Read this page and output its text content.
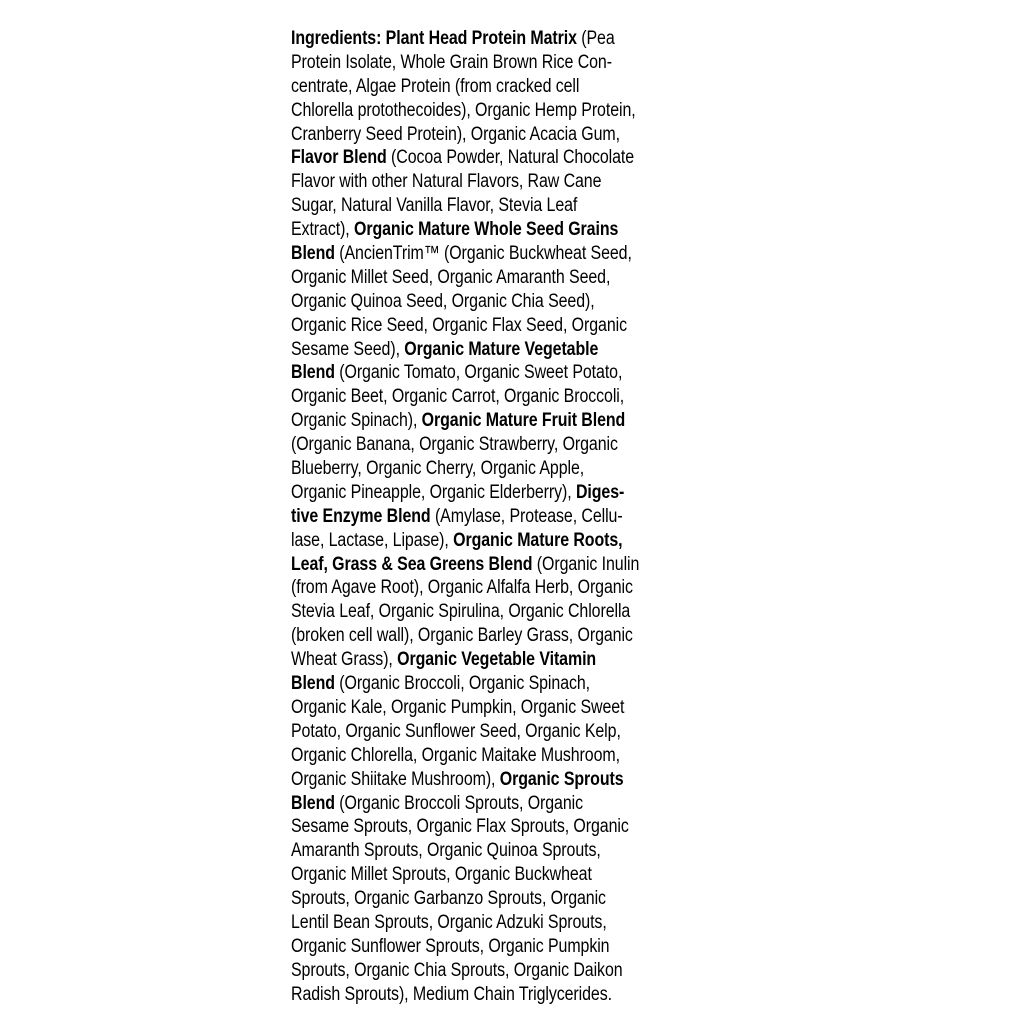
Ingredients: Plant Head Protein Matrix (Pea
Protein Isolate, Whole Grain Brown Rice Con-
centrate, Algae Protein (from cracked cell
Chlorella protothecoides), Organic Hemp Protein,
Cranberry Seed Protein), Organic Acacia Gum,
Flavor Blend (Cocoa Powder, Natural Chocolate
Flavor with other Natural Flavors, Raw Cane
Sugar, Natural Vanilla Flavor, Stevia Leaf
Extract), Organic Mature Whole Seed Grains
Blend (AncienTrim™ (Organic Buckwheat Seed,
Organic Millet Seed, Organic Amaranth Seed,
Organic Quinoa Seed, Organic Chia Seed),
Organic Rice Seed, Organic Flax Seed, Organic
Sesame Seed), Organic Mature Vegetable
Blend (Organic Tomato, Organic Sweet Potato,
Organic Beet, Organic Carrot, Organic Broccoli,
Organic Spinach), Organic Mature Fruit Blend
(Organic Banana, Organic Strawberry, Organic
Blueberry, Organic Cherry, Organic Apple,
Organic Pineapple, Organic Elderberry), Diges-
tive Enzyme Blend (Amylase, Protease, Cellu-
lase, Lactase, Lipase), Organic Mature Roots,
Leaf, Grass & Sea Greens Blend (Organic Inulin
(from Agave Root), Organic Alfalfa Herb, Organic
Stevia Leaf, Organic Spirulina, Organic Chlorella
(broken cell wall), Organic Barley Grass, Organic
Wheat Grass), Organic Vegetable Vitamin
Blend (Organic Broccoli, Organic Spinach,
Organic Kale, Organic Pumpkin, Organic Sweet
Potato, Organic Sunflower Seed, Organic Kelp,
Organic Chlorella, Organic Maitake Mushroom,
Organic Shiitake Mushroom), Organic Sprouts
Blend (Organic Broccoli Sprouts, Organic
Sesame Sprouts, Organic Flax Sprouts, Organic
Amaranth Sprouts, Organic Quinoa Sprouts,
Organic Millet Sprouts, Organic Buckwheat
Sprouts, Organic Garbanzo Sprouts, Organic
Lentil Bean Sprouts, Organic Adzuki Sprouts,
Organic Sunflower Sprouts, Organic Pumpkin
Sprouts, Organic Chia Sprouts, Organic Daikon
Radish Sprouts), Medium Chain Triglycerides.
